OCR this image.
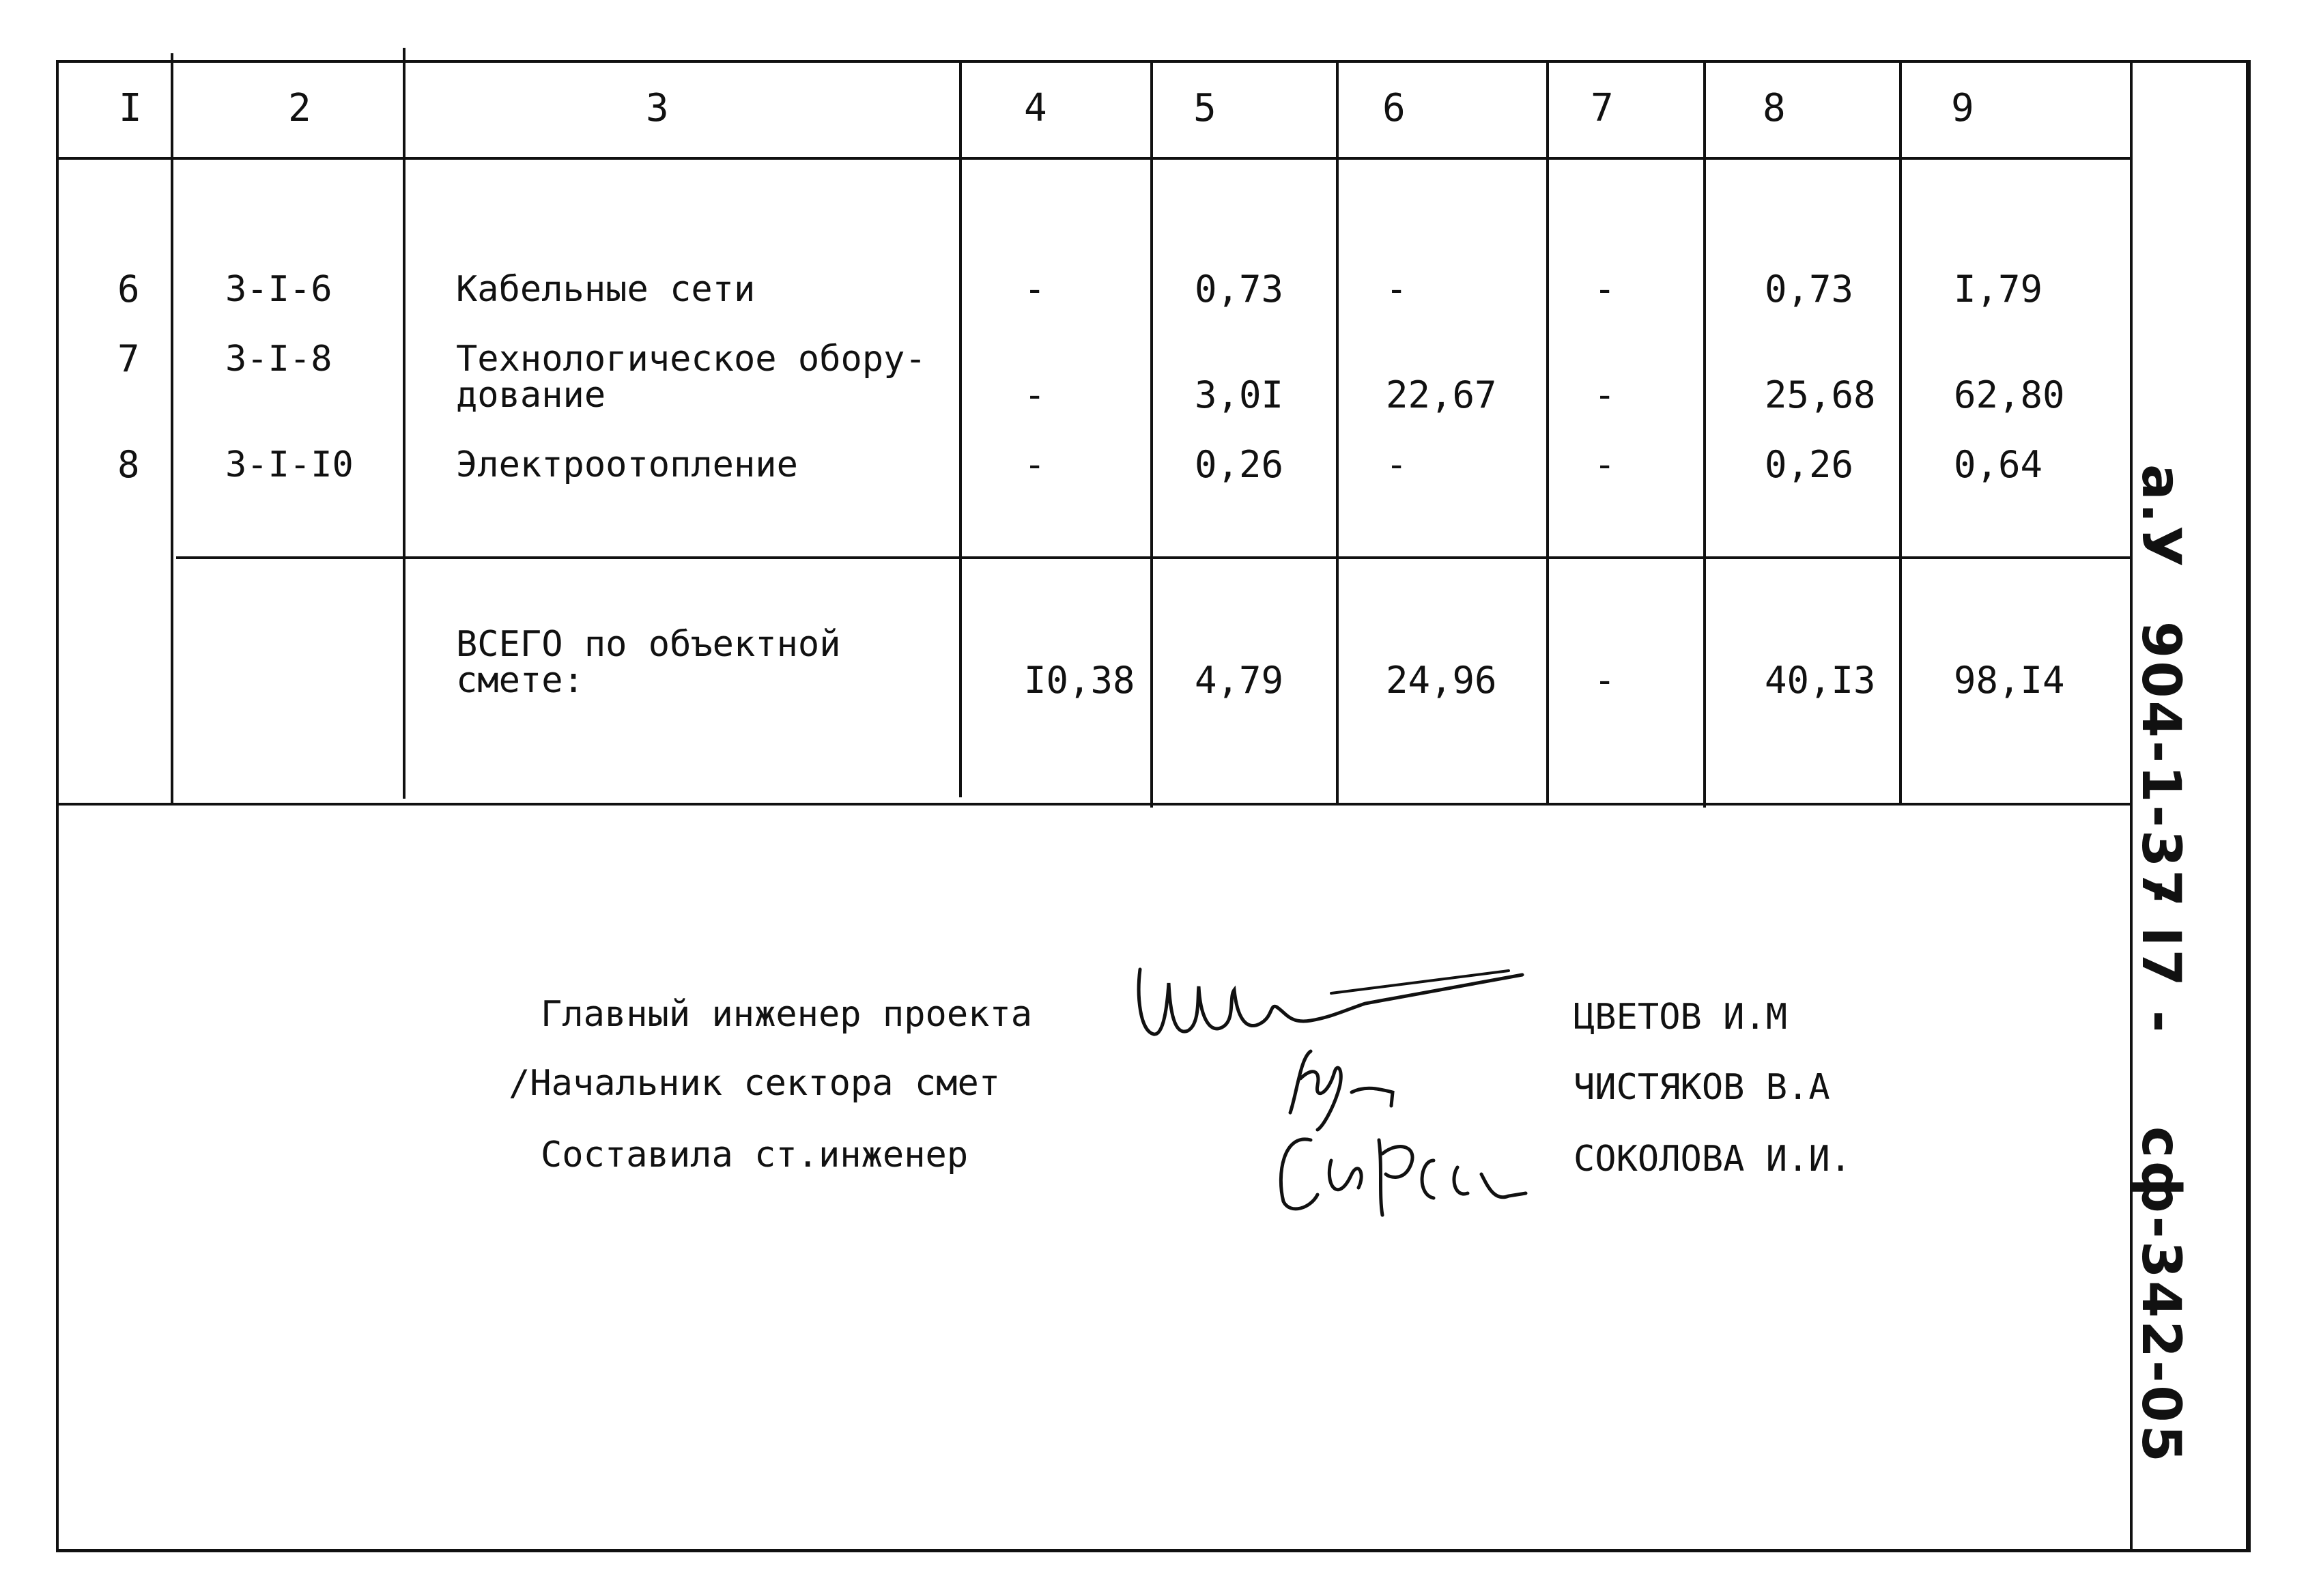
I	2	3	4	5	6	7	8	9
6 3-I-6	Кабельные сети	-	0,73	-	-	0,73	I,79
7 3-I-8	Технологическое обору-
дование	-	3,0I	22,67	-	25,68 62,80
8 3-I-I0	Электроотопление	-	0,26	-	-	0,26	0,64
ВСЕГО по объектной
смете:	I0,38 4,79	24,96	-	40,I3 98,I4
Главный инженер проекта
/Начальник сектора смет
Составила ст.инженер
ЦВЕТОВ И.М
ЧИСТЯКОВ В.А
СОКОЛОВА И.И.
а.У
904-1-37
- I7 -
сф-342-05
